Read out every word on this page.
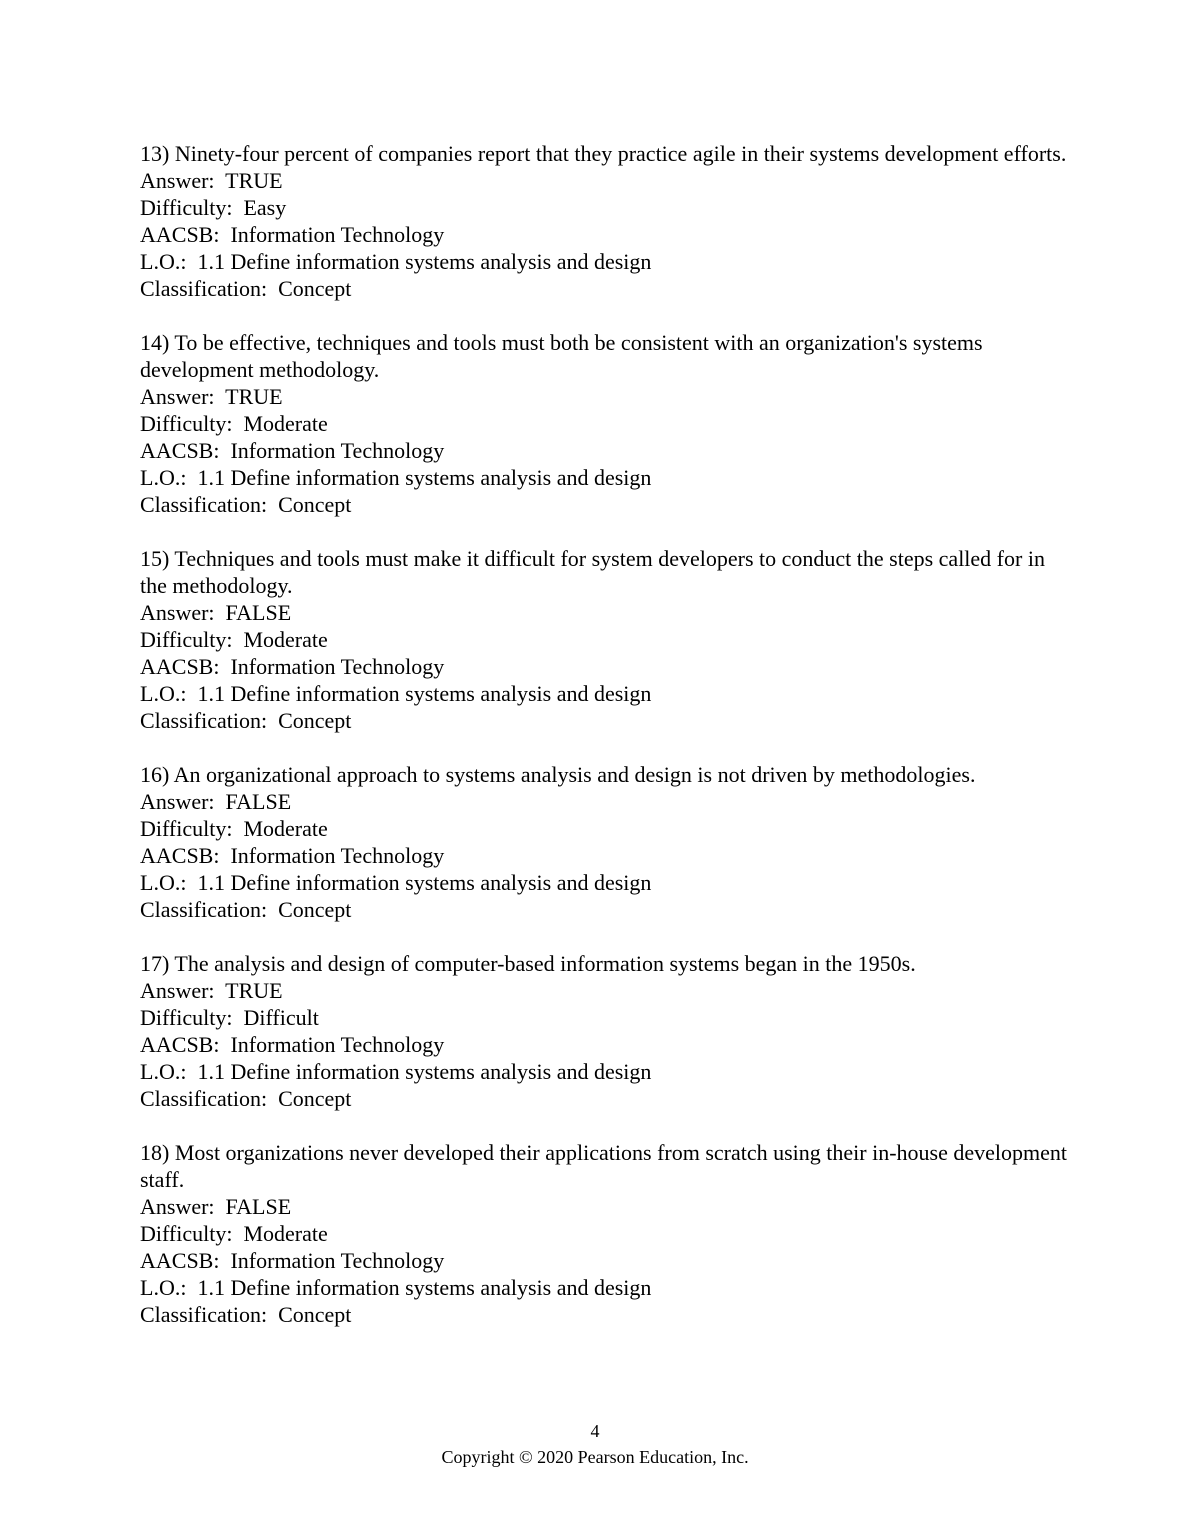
13) Ninety-four percent of companies report that they practice agile in their systems development efforts.

Answer:  TRUE

Difficulty:  Easy

AACSB:  Information Technology

L.O.:  1.1 Define information systems analysis and design

Classification:  Concept

14) To be effective, techniques and tools must both be consistent with an organization's systems development methodology.

Answer:  TRUE

Difficulty:  Moderate

AACSB:  Information Technology

L.O.:  1.1 Define information systems analysis and design

Classification:  Concept

15) Techniques and tools must make it difficult for system developers to conduct the steps called for in the methodology.

Answer:  FALSE

Difficulty:  Moderate

AACSB:  Information Technology

L.O.:  1.1 Define information systems analysis and design

Classification:  Concept

16) An organizational approach to systems analysis and design is not driven by methodologies.

Answer:  FALSE

Difficulty:  Moderate

AACSB:  Information Technology

L.O.:  1.1 Define information systems analysis and design

Classification:  Concept

17) The analysis and design of computer-based information systems began in the 1950s.

Answer:  TRUE

Difficulty:  Difficult

AACSB:  Information Technology

L.O.:  1.1 Define information systems analysis and design

Classification:  Concept

18) Most organizations never developed their applications from scratch using their in-house development staff.

Answer:  FALSE

Difficulty:  Moderate

AACSB:  Information Technology

L.O.:  1.1 Define information systems analysis and design

Classification:  Concept

4
Copyright © 2020 Pearson Education, Inc.
